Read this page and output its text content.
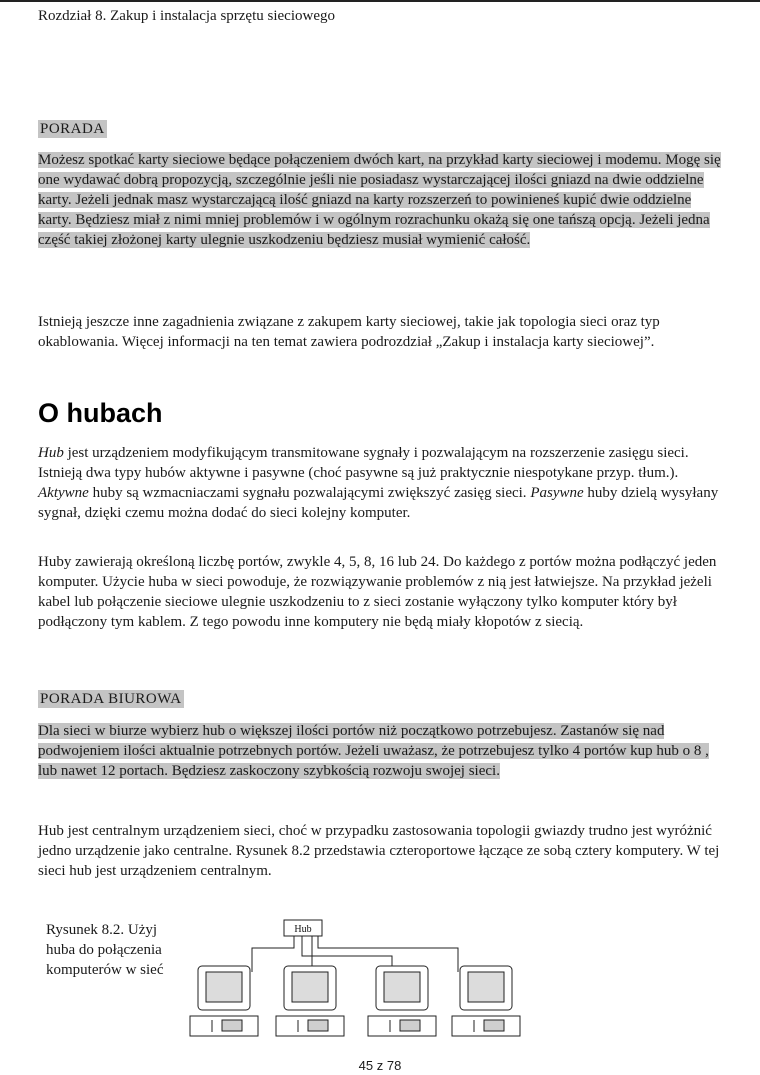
Rozdział 8. Zakup i instalacja sprzętu sieciowego
PORADA
Możesz spotkać karty sieciowe będące połączeniem dwóch kart, na przykład karty sieciowej i modemu. Mogę się one wydawać dobrą propozycją, szczególnie jeśli nie posiadasz wystarczającej ilości gniazd na dwie oddzielne karty. Jeżeli jednak masz wystarczającą ilość gniazd na karty rozszerzeń to powinieneś kupić dwie oddzielne karty. Będziesz miał z nimi mniej problemów i w ogólnym rozrachunku okażą się one tańszą opcją. Jeżeli jedna część takiej złożonej karty ulegnie uszkodzeniu będziesz musiał wymienić całość.
Istnieją jeszcze inne zagadnienia związane z zakupem karty sieciowej, takie jak topologia sieci oraz typ okablowania. Więcej informacji na ten temat zawiera podrozdział „Zakup i instalacja karty sieciowej”.
O hubach
Hub jest urządzeniem modyfikującym transmitowane sygnały i pozwalającym na rozszerzenie zasięgu sieci. Istnieją dwa typy hubów aktywne i pasywne (choć pasywne są już praktycznie niespotykane przyp. tłum.). Aktywne huby są wzmacniaczami sygnału pozwalającymi zwiększyć zasięg sieci. Pasywne huby dzielą wysyłany sygnał, dzięki czemu można dodać do sieci kolejny komputer.
Huby zawierają określoną liczbę portów, zwykle 4, 5, 8, 16 lub 24. Do każdego z portów można podłączyć jeden komputer. Użycie huba w sieci powoduje, że rozwiązywanie problemów z nią jest łatwiejsze. Na przykład jeżeli kabel lub połączenie sieciowe ulegnie uszkodzeniu to z sieci zostanie wyłączony tylko komputer który był podłączony tym kablem. Z tego powodu inne komputery nie będą miały kłopotów z siecią.
PORADA BIUROWA
Dla sieci w biurze wybierz hub o większej ilości portów niż początkowo potrzebujesz. Zastanów się nad podwojeniem ilości aktualnie potrzebnych portów. Jeżeli uważasz, że potrzebujesz tylko 4 portów kup hub o 8 , lub nawet 12 portach. Będziesz zaskoczony szybkością rozwoju swojej sieci.
Hub jest centralnym urządzeniem sieci, choć w przypadku zastosowania topologii gwiazdy trudno jest wyróżnić jedno urządzenie jako centralne. Rysunek 8.2 przedstawia czteroportowe łączące ze sobą cztery komputery. W tej sieci hub jest urządzeniem centralnym.
Rysunek 8.2. Użyj huba do połączenia komputerów w sieć
Hub
45 z 78
